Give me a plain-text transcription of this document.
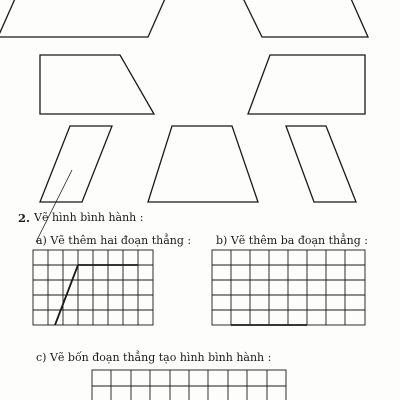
2. Vẽ hình bình hành :
a) Vẽ thêm hai đoạn thẳng : b) Vẽ thêm ba đoạn thẳng :
c) Vẽ bốn đoạn thẳng tạo hình bình hành :
